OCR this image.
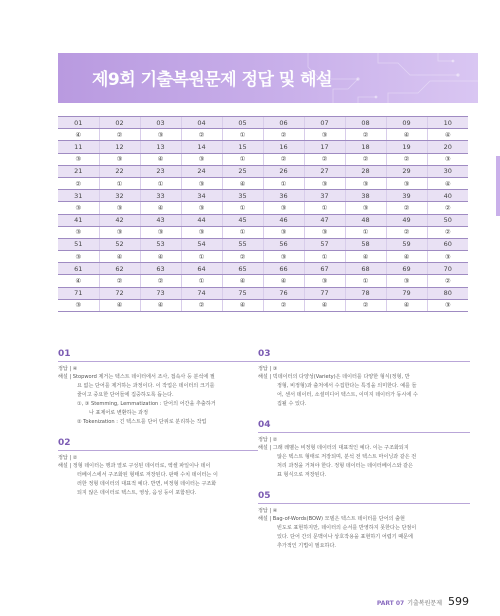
제9회 기출복원문제 정답 및 해설
01	02	03	04	05	06	07	08	09	10
④	②	③	②	①	②	③	②	④	④
11	12	13	14	15	16	17	18	19	20
③	③	④	③	①	②	②	②	②	③
21	22	23	24	25	26	27	28	29	30
②	①	①	③	④	①	③	③	③	④
31	32	33	34	35	36	37	38	39	40
③	③	④	③	①	③	①	③	②	②
41	42	43	44	45	46	47	48	49	50
③	③	③	③	①	③	③	①	②	②
51	52	53	54	55	56	57	58	59	60
③	④	④	①	②	③	①	④	④	③
61	62	63	64	65	66	67	68	69	70
④	②	②	①	④	④	③	①	③	②
71	72	73	74	75	76	77	78	79	80
③	④	④	②	④	②	④	②	④	③
01
정답 | ④
해설 | Stopword 제거는 텍스트 데이터에서 조사, 접속사 등 분석에 필
요 없는 단어를 제거하는 과정이다. 이 작업은 데이터의 크기를
줄이고 중요한 단어들에 집중하도록 돕는다.
①, ③ Stemming, Lemmatization : 단어의 어간을 추출하거
나 표제어로 변환하는 과정
② Tokenization : 긴 텍스트를 단어 단위로 분리하는 작업
02
정답 | ②
해설 | 정형 데이터는 행과 열로 구성된 데이터로, 엑셀 파일이나 데이
터베이스에서 구조화된 형태로 저장된다. 판매 수치 데이터는 이
러한 정형 데이터의 대표적 예다. 반면, 비정형 데이터는 구조화
되지 않은 데이터로 텍스트, 영상, 음성 등이 포함된다.
03
정답 | ③
해설 | 빅데이터의 다양성(Variety)은 데이터를 다양한 형식(정형, 반
정형, 비정형)과 출처에서 수집한다는 특징을 의미한다. 예를 들
어, 센서 데이터, 소셜미디어 텍스트, 이미지 데이터가 동시에 수
집될 수 있다.
04
정답 | ②
해설 | 그래 레벨는 비정형 데이터의 대표적인 예다. 이는 구조화되지
않은 텍스트 형태로 저장되며, 분석 전 텍스트 마이닝과 같은 전
처리 과정을 거쳐야 한다. 정형 데이터는 데이터베이스와 같은
표 형식으로 저장된다.
05
정답 | ④
해설 | Bag-of-Words(BOW) 모델은 텍스트 데이터를 단어의 출현
빈도로 표현하지만, 데이터의 순서를 반영하지 못한다는 단점이
있다. 단어 간의 문맥이나 상호작용을 표현하기 어렵기 때문에
추가적인 기법이 필요하다.
PART 07 기출복원문제 599
